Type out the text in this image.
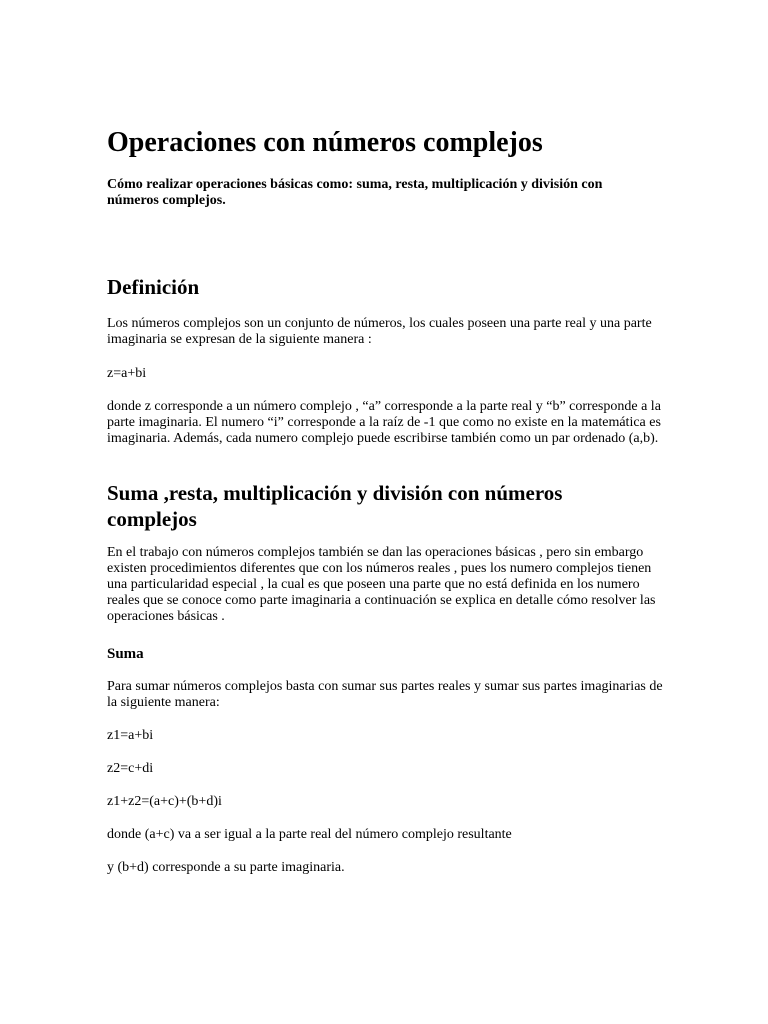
Operaciones con números complejos

Cómo realizar operaciones básicas como: suma, resta, multiplicación y división con números complejos.

Definición

Los números complejos son un conjunto de números, los cuales poseen una parte real y una parte imaginaria se expresan de la siguiente manera :

z=a+bi

donde z corresponde a un número complejo , “a” corresponde a la parte real y “b” corresponde a la parte imaginaria. El numero “i” corresponde a la raíz de -1 que como no existe en la matemática es imaginaria. Además, cada numero complejo puede escribirse también como un par ordenado (a,b).

Suma ,resta, multiplicación y división con números complejos

En el trabajo con números complejos también se dan las operaciones básicas , pero sin embargo existen procedimientos diferentes que con los números reales , pues los numero complejos tienen una particularidad especial , la cual es que poseen una parte que no está definida en los numero reales que se conoce como parte imaginaria a continuación se explica en detalle cómo resolver las operaciones básicas .

Suma

Para sumar números complejos basta con sumar sus partes reales y sumar sus partes imaginarias de la siguiente manera:

z1=a+bi

z2=c+di

z1+z2=(a+c)+(b+d)i

donde (a+c) va a ser igual a la parte real del número complejo resultante

y (b+d) corresponde a su parte imaginaria.
